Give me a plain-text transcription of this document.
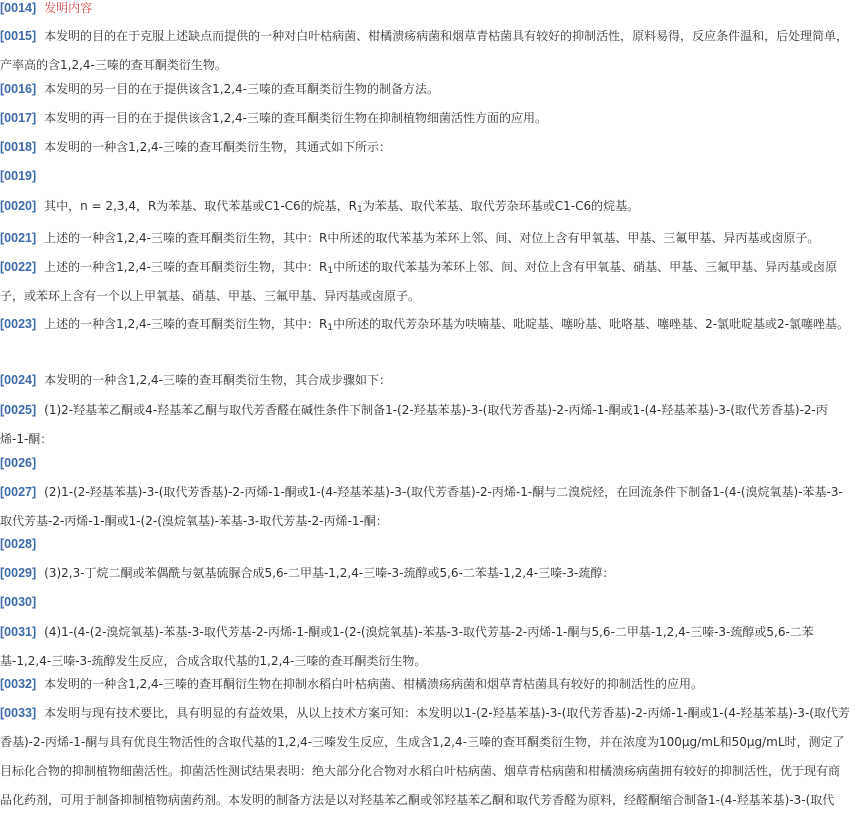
[0014] 发明内容
[0015] 本发明的目的在于克服上述缺点而提供的一种对白叶枯病菌、柑橘溃疡病菌和烟草青枯菌具有较好的抑制活性，原料易得，反应条件温和，后处理简单，产率高的含1,2,4-三嗪的查耳酮类衍生物。
[0016] 本发明的另一目的在于提供该含1,2,4-三嗪的查耳酮类衍生物的制备方法。
[0017] 本发明的再一目的在于提供该含1,2,4-三嗪的查耳酮类衍生物在抑制植物细菌活性方面的应用。
[0018] 本发明的一种含1,2,4-三嗪的查耳酮类衍生物，其通式如下所示：
[0019]
[0020] 其中，n = 2,3,4，R为苯基、取代苯基或C1-C6的烷基，$R_1$为苯基、取代苯基、取代芳杂环基或C1-C6的烷基。
[0021] 上述的一种含1,2,4-三嗪的查耳酮类衍生物，其中：R中所述的取代苯基为苯环上邻、间、对位上含有甲氧基、甲基、三氟甲基、异丙基或卤原子。
[0022] 上述的一种含1,2,4-三嗪的查耳酮类衍生物，其中：$R_1$中所述的取代苯基为苯环上邻、间、对位上含有甲氧基、硝基、甲基、三氟甲基、异丙基或卤原子，或苯环上含有一个以上甲氧基、硝基、甲基、三氟甲基、异丙基或卤原子。
[0023] 上述的一种含1,2,4-三嗪的查耳酮类衍生物，其中：$R_1$中所述的取代芳杂环基为呋喃基、吡啶基、噻吩基、吡咯基、噻唑基、2-氯吡啶基或2-氯噻唑基。
[0024] 本发明的一种含1,2,4-三嗪的查耳酮类衍生物，其合成步骤如下：
[0025] (1)2-羟基苯乙酮或4-羟基苯乙酮与取代芳香醛在碱性条件下制备1-(2-羟基苯基)-3-(取代芳香基)-2-丙烯-1-酮或1-(4-羟基苯基)-3-(取代芳香基)-2-丙烯-1-酮：
[0026]
[0027] (2)1-(2-羟基苯基)-3-(取代芳香基)-2-丙烯-1-酮或1-(4-羟基苯基)-3-(取代芳香基)-2-丙烯-1-酮与二溴烷烃，在回流条件下制备1-(4-(溴烷氧基)-苯基-3-取代芳基-2-丙烯-1-酮或1-(2-(溴烷氧基)-苯基-3-取代芳基-2-丙烯-1-酮：
[0028]
[0029] (3)2,3-丁烷二酮或苯偶酰与氨基硫脲合成5,6-二甲基-1,2,4-三嗪-3-巯醇或5,6-二苯基-1,2,4-三嗪-3-巯醇：
[0030]
[0031] (4)1-(4-(2-溴烷氧基)-苯基-3-取代芳基-2-丙烯-1-酮或1-(2-(溴烷氧基)-苯基-3-取代芳基-2-丙烯-1-酮与5,6-二甲基-1,2,4-三嗪-3-巯醇或5,6-二苯基-1,2,4-三嗪-3-巯醇发生反应，合成含取代基的1,2,4-三嗪的查耳酮类衍生物。
[0032] 本发明的一种含1,2,4-三嗪的查耳酮衍生物在抑制水稻白叶枯病菌、柑橘溃疡病菌和烟草青枯菌具有较好的抑制活性的应用。
[0033] 本发明与现有技术要比，具有明显的有益效果，从以上技术方案可知：本发明以1-(2-羟基苯基)-3-(取代芳香基)-2-丙烯-1-酮或1-(4-羟基苯基)-3-(取代芳香基)-2-丙烯-1-酮与具有优良生物活性的含取代基的1,2,4-三嗪发生反应，生成含1,2,4-三嗪的查耳酮类衍生物，并在浓度为100μg/mL和50μg/mL时，测定了目标化合物的抑制植物细菌活性。抑菌活性测试结果表明：绝大部分化合物对水稻白叶枯病菌、烟草青枯病菌和柑橘溃疡病菌拥有较好的抑制活性，优于现有商品化药剂，可用于制备抑制植物病菌药剂。本发明的制备方法是以对羟基苯乙酮或邻羟基苯乙酮和取代芳香醛为原料，经醛酮缩合制备1-(4-羟基苯基)-3-(取代
